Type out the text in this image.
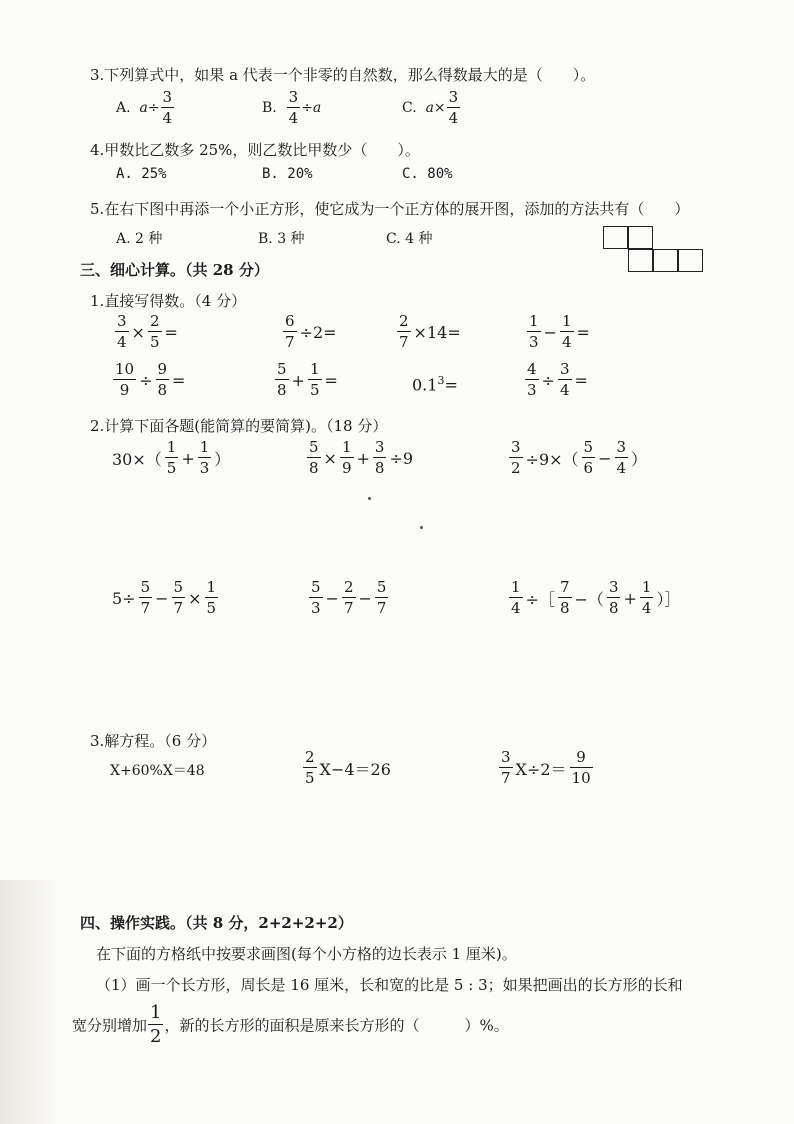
3.下列算式中，如果 a 代表一个非零的自然数，那么得数最大的是（　　）。
A. $a\div \frac{3}{4}$	B. $\frac{3}{4} \div a$	C. $a\times \frac{3}{4}$
4.甲数比乙数多 25%，则乙数比甲数少（　　）。
A. 25%	B. 20%	C. 80%
5.在右下图中再添一个小正方形，使它成为一个正方体的展开图，添加的方法共有（　　）
A. 2 种	B. 3 种	C. 4 种
三、细心计算。（共 28 分）
1.直接写得数。（4 分）
$\frac{3}{4} \times \frac{2}{5}$ =	$\frac{6}{7} \div 2=$	$\frac{2}{7} \times 14=$	$\frac{1}{3} - \frac{1}{4}$ =
$\frac{10}{9} \div \frac{9}{8}$ =	$\frac{5}{8} + \frac{1}{5}$ =	$0.1^3=$	$\frac{4}{3} \div \frac{3}{4}$ =
2.计算下面各题(能简算的要简算)。（18 分）
$30\times( \frac{1}{5} + \frac{1}{3}$ ）	$\frac{5}{8} \times \frac{1}{9} + \frac{3}{8} \div 9$	$\frac{3}{2} \div 9\times( \frac{5}{6} - \frac{3}{4}$ ）
$5\div \frac{5}{7} - \frac{5}{7} \times \frac{1}{5}$	$\frac{5}{3} - \frac{2}{7} - \frac{5}{7}$	$\frac{1}{4}$ ÷［ $\frac{7}{8}$ −（ $\frac{3}{8} + \frac{1}{4}$ ）］
3.解方程。（6 分）
X+60%X＝48	$\frac{2}{5} X-4=26$	$\frac{3}{7} X\div 2= \frac{9}{10}$
四、操作实践。（共 8 分，2+2+2+2）
在下面的方格纸中按要求画图(每个小方格的边长表示 1 厘米)。
（1）画一个长方形，周长是 16 厘米，长和宽的比是 5 : 3；如果把画出的长方形的长和
宽分别增加 $\frac{1}{2}$ ，新的长方形的面积是原来长方形的（　　　）%。
